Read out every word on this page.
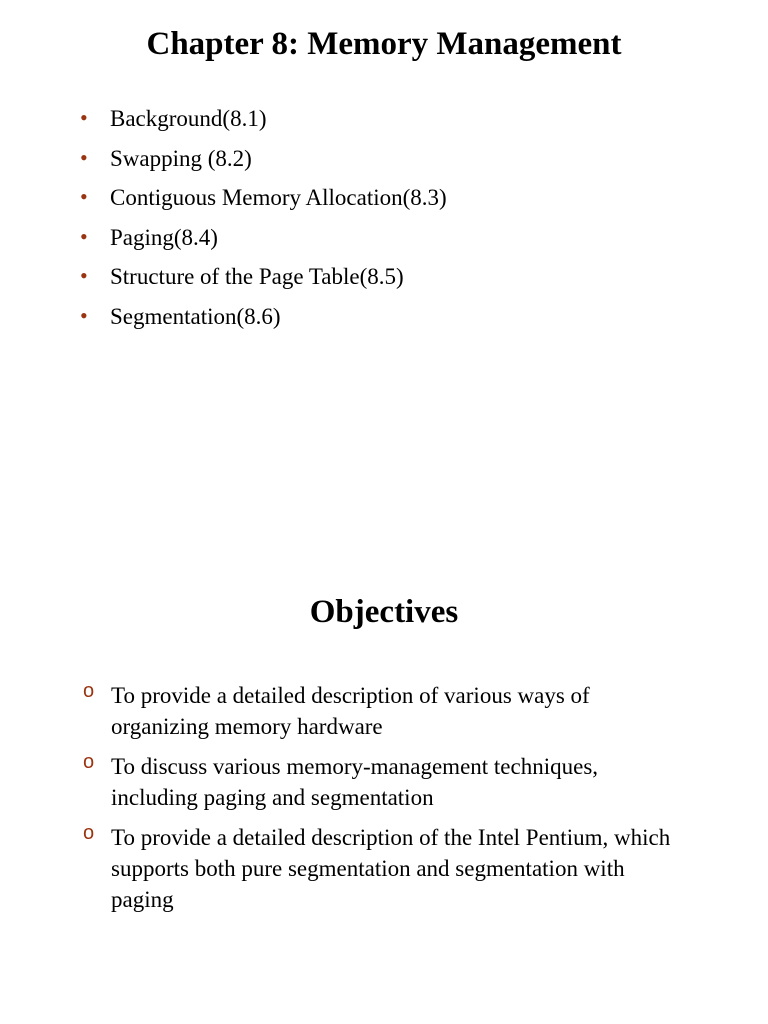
Chapter 8: Memory Management
• Background(8.1)
• Swapping (8.2)
• Contiguous Memory Allocation(8.3)
• Paging(8.4)
• Structure of the Page Table(8.5)
• Segmentation(8.6)
Objectives
o To provide a detailed description of various ways of organizing memory hardware
o To discuss various memory-management techniques, including paging and segmentation
o To provide a detailed description of the Intel Pentium, which supports both pure segmentation and segmentation with paging
